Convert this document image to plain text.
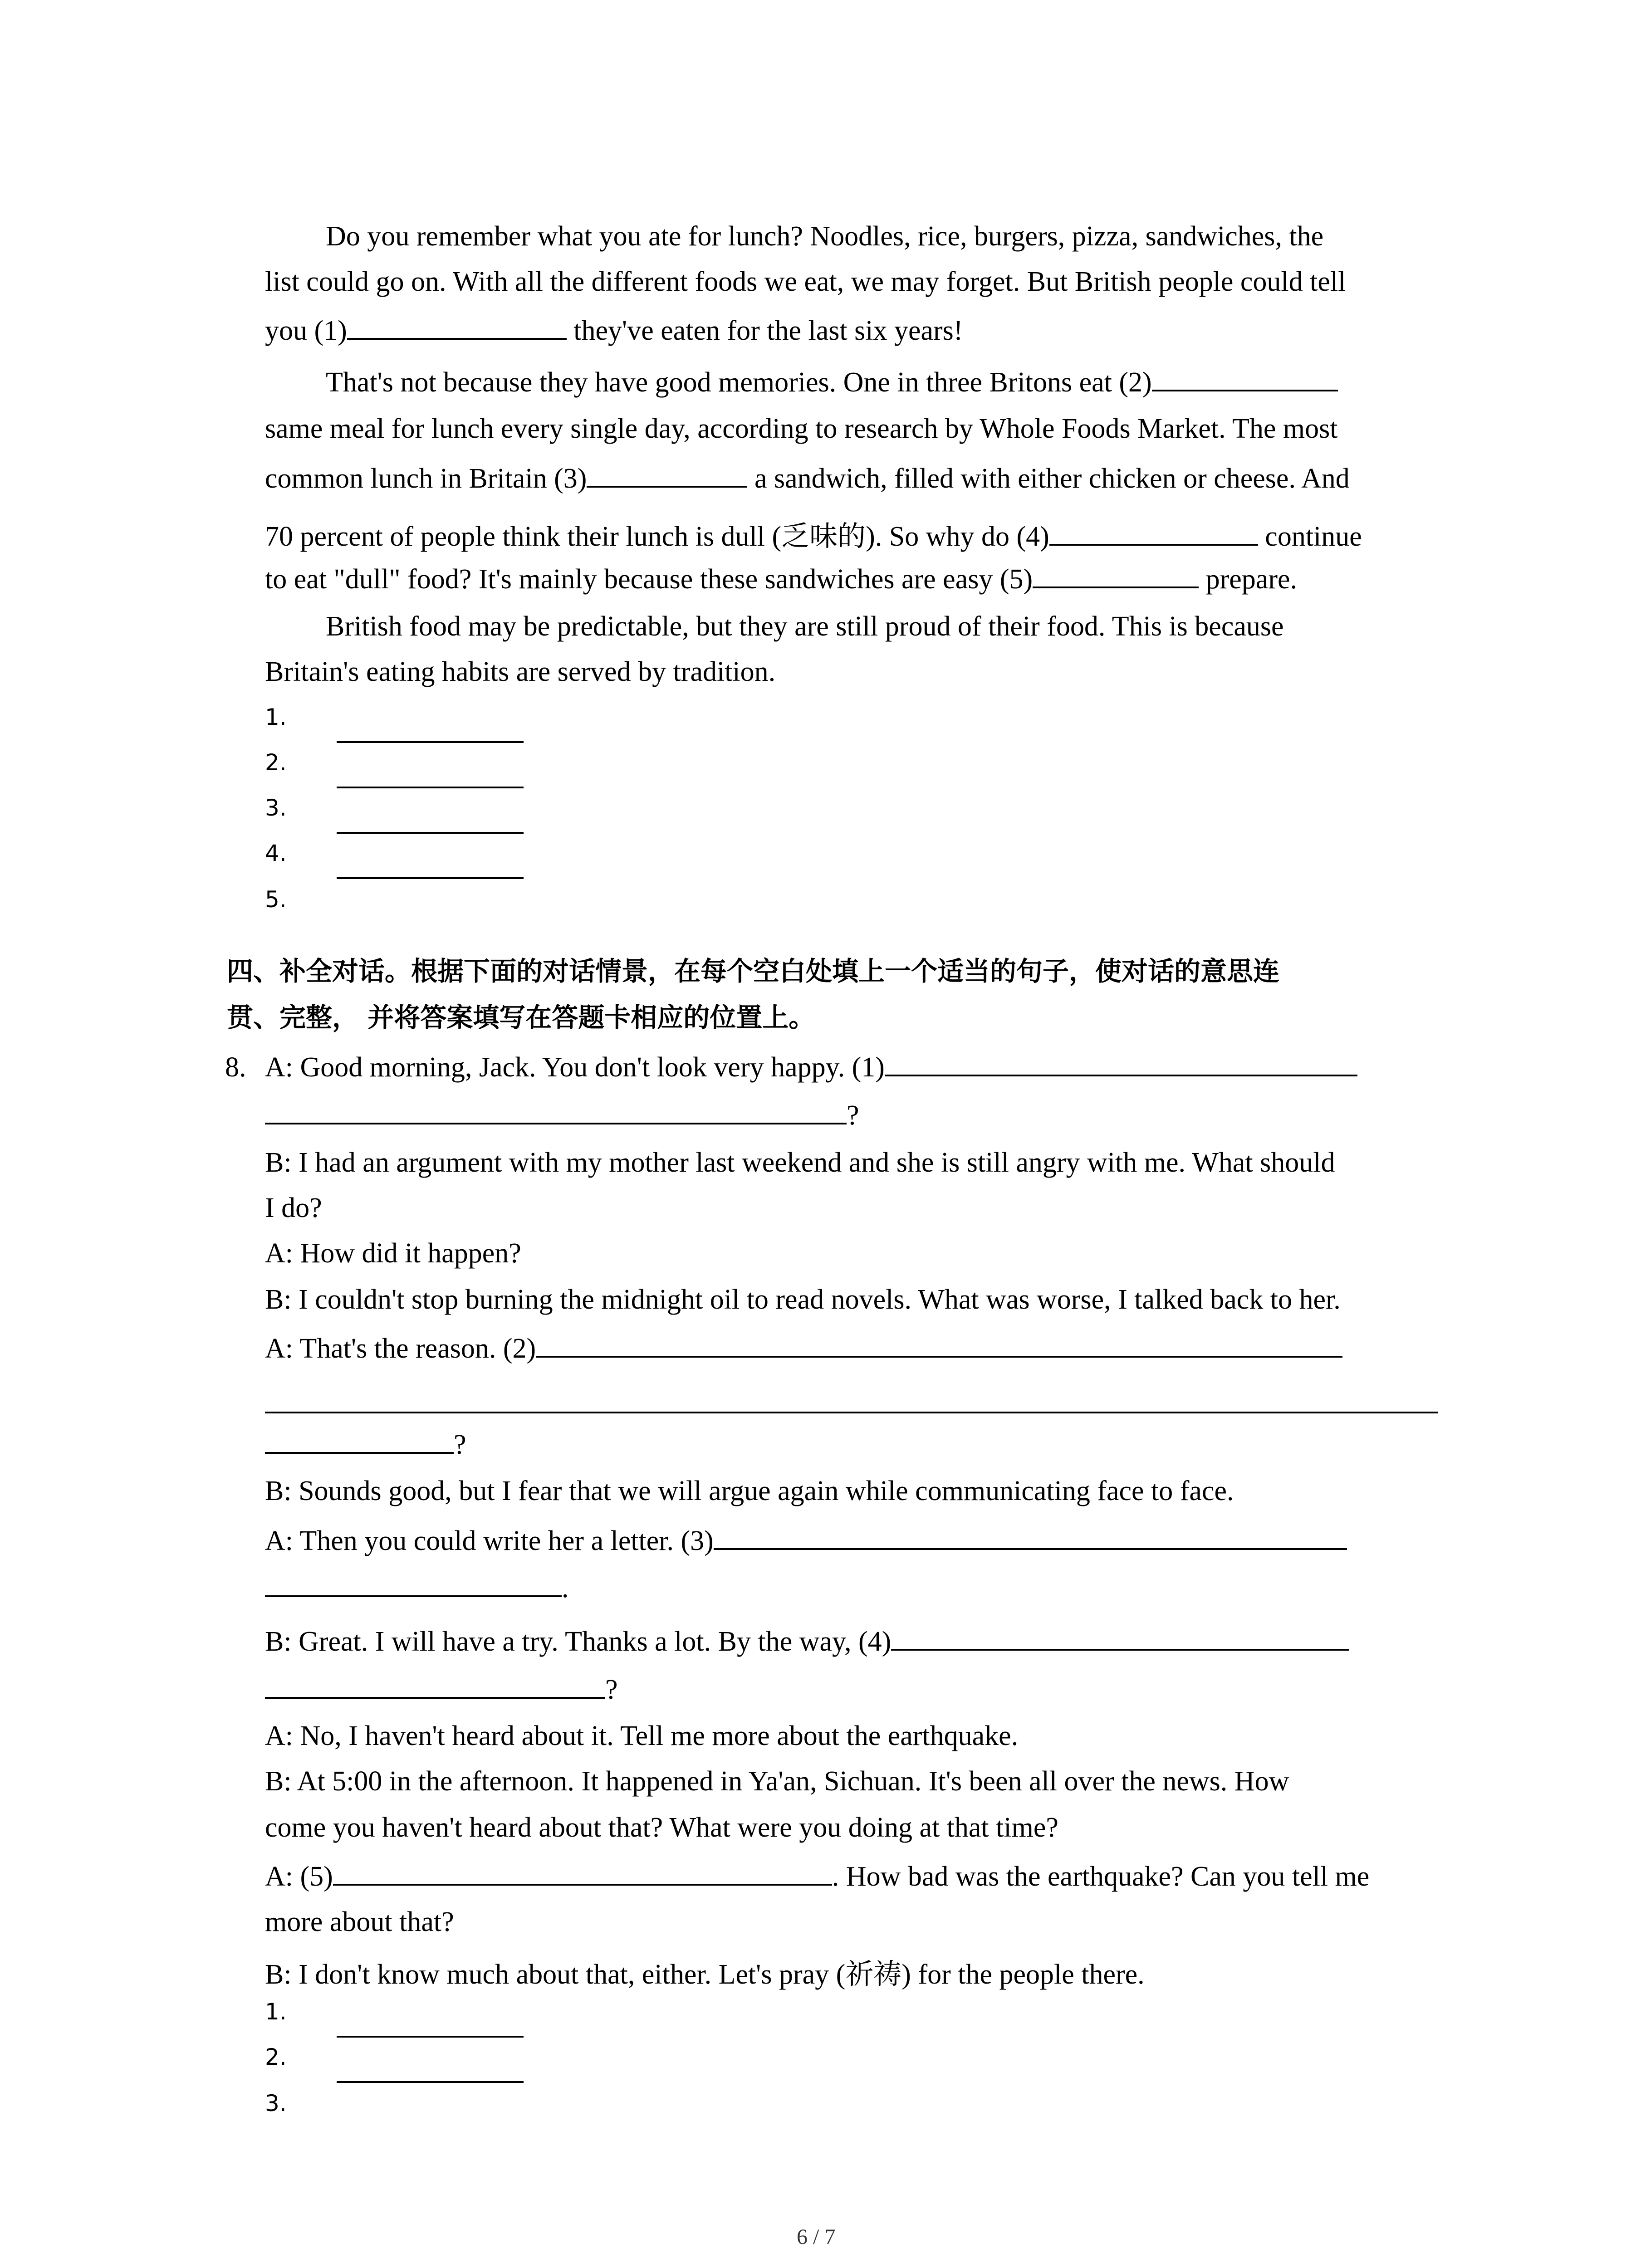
Do you remember what you ate for lunch? Noodles, rice, burgers, pizza, sandwiches, the
list could go on. With all the different foods we eat, we may forget. But British people could tell
you (1)	they've eaten for the last six years!
That's not because they have good memories. One in three Britons eat (2)
same meal for lunch every single day, according to research by Whole Foods Market. The most
common lunch in Britain (3)	a sandwich, filled with either chicken or cheese. And
70 percent of people think their lunch is dull (乏味的). So why do (4)	continue
to eat "dull" food? It's mainly because these sandwiches are easy (5)	prepare.
British food may be predictable, but they are still proud of their food. This is because
Britain's eating habits are served by tradition.
1.
2.
3.
4.
5.
四、补全对话。根据下面的对话情景，在每个空白处填上一个适当的句子，使对话的意思连
贯、完整， 并将答案填写在答题卡相应的位置上。
8. A: Good morning, Jack. You don't look very happy. (1)
?
B: I had an argument with my mother last weekend and she is still angry with me. What should
I do?
A: How did it happen?
B: I couldn't stop burning the midnight oil to read novels. What was worse, I talked back to her.
A: That's the reason. (2)
?
B: Sounds good, but I fear that we will argue again while communicating face to face.
A: Then you could write her a letter. (3)
.
B: Great. I will have a try. Thanks a lot. By the way, (4)
?
A: No, I haven't heard about it. Tell me more about the earthquake.
B: At 5:00 in the afternoon. It happened in Ya'an, Sichuan. It's been all over the news. How
come you haven't heard about that? What were you doing at that time?
A: (5)	. How bad was the earthquake? Can you tell me
more about that?
B: I don't know much about that, either. Let's pray (祈祷) for the people there.
1.
2.
3.
6 / 7
